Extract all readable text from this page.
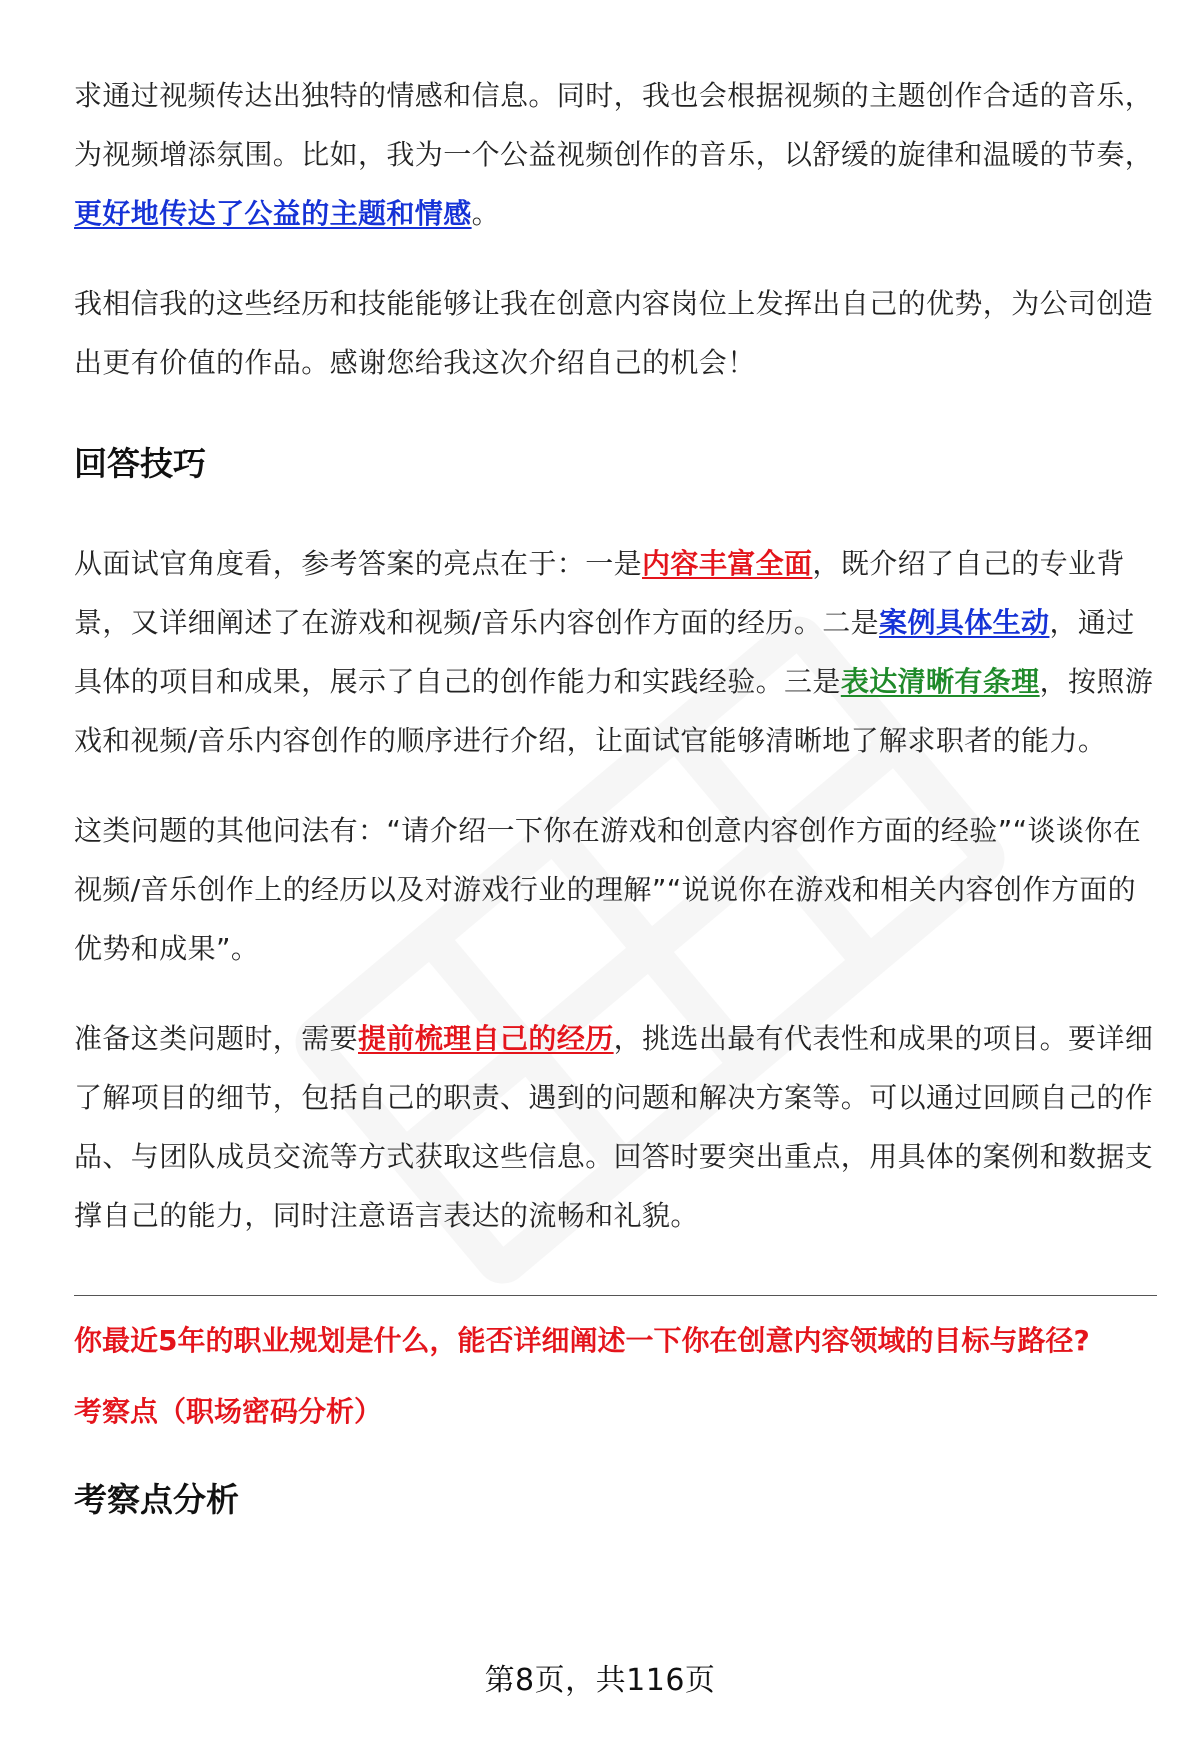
求通过视频传达出独特的情感和信息。同时，我也会根据视频的主题创作合适的音乐，为视频增添氛围。比如，我为一个公益视频创作的音乐，以舒缓的旋律和温暖的节奏，更好地传达了公益的主题和情感。

我相信我的这些经历和技能能够让我在创意内容岗位上发挥出自己的优势，为公司创造出更有价值的作品。感谢您给我这次介绍自己的机会！

回答技巧

从面试官角度看，参考答案的亮点在于：一是内容丰富全面，既介绍了自己的专业背景，又详细阐述了在游戏和视频/音乐内容创作方面的经历。二是案例具体生动，通过具体的项目和成果，展示了自己的创作能力和实践经验。三是表达清晰有条理，按照游戏和视频/音乐内容创作的顺序进行介绍，让面试官能够清晰地了解求职者的能力。

这类问题的其他问法有：“请介绍一下你在游戏和创意内容创作方面的经验”“谈谈你在视频/音乐创作上的经历以及对游戏行业的理解”“说说你在游戏和相关内容创作方面的优势和成果”。

准备这类问题时，需要提前梳理自己的经历，挑选出最有代表性和成果的项目。要详细了解项目的细节，包括自己的职责、遇到的问题和解决方案等。可以通过回顾自己的作品、与团队成员交流等方式获取这些信息。回答时要突出重点，用具体的案例和数据支撑自己的能力，同时注意语言表达的流畅和礼貌。

你最近5年的职业规划是什么，能否详细阐述一下你在创意内容领域的目标与路径?

考察点（职场密码分析）

考察点分析
第8页，共116页
